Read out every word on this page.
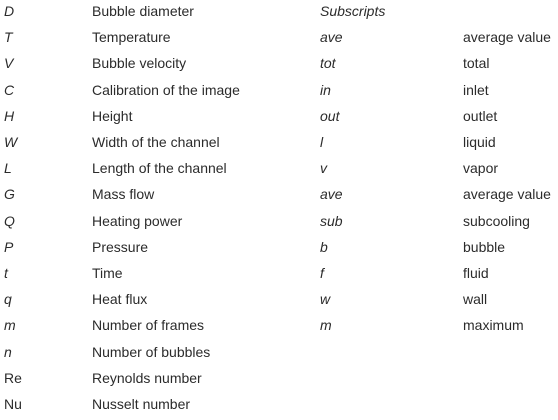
D	Bubble diameter	Subscripts
T	Temperature	ave	average value
V	Bubble velocity	tot	total
C	Calibration of the image	in	inlet
H	Height	out	outlet
W	Width of the channel	l	liquid
L	Length of the channel	v	vapor
G	Mass flow	ave	average value
Q	Heating power	sub	subcooling
P	Pressure	b	bubble
t	Time	f	fluid
q	Heat flux	w	wall
m	Number of frames	m	maximum
n	Number of bubbles
Re	Reynolds number
Nu	Nusselt number
